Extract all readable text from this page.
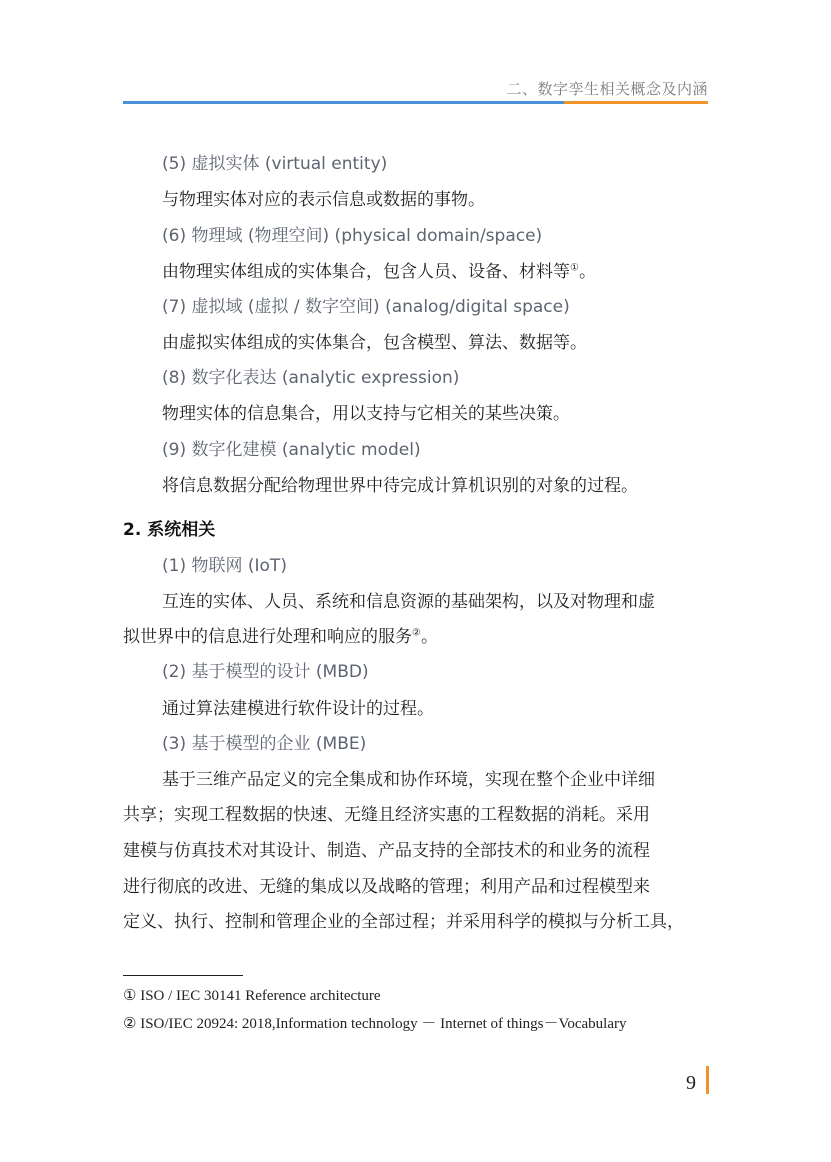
二、数字孪生相关概念及内涵
(5) 虚拟实体 (virtual entity)
与物理实体对应的表示信息或数据的事物。
(6) 物理域 (物理空间) (physical domain/space)
由物理实体组成的实体集合，包含人员、设备、材料等①。
(7) 虚拟域 (虚拟 / 数字空间) (analog/digital space)
由虚拟实体组成的实体集合，包含模型、算法、数据等。
(8) 数字化表达 (analytic expression)
物理实体的信息集合，用以支持与它相关的某些决策。
(9) 数字化建模 (analytic model)
将信息数据分配给物理世界中待完成计算机识别的对象的过程。
2. 系统相关
(1) 物联网 (IoT)
互连的实体、人员、系统和信息资源的基础架构，以及对物理和虚
拟世界中的信息进行处理和响应的服务②。
(2) 基于模型的设计 (MBD)
通过算法建模进行软件设计的过程。
(3) 基于模型的企业 (MBE)
基于三维产品定义的完全集成和协作环境，实现在整个企业中详细
共享；实现工程数据的快速、无缝且经济实惠的工程数据的消耗。采用
建模与仿真技术对其设计、制造、产品支持的全部技术的和业务的流程
进行彻底的改进、无缝的集成以及战略的管理；利用产品和过程模型来
定义、执行、控制和管理企业的全部过程；并采用科学的模拟与分析工具，
① ISO / IEC 30141 Reference architecture
② ISO/IEC 20924: 2018,Information technology － Internet of things－Vocabulary
9
